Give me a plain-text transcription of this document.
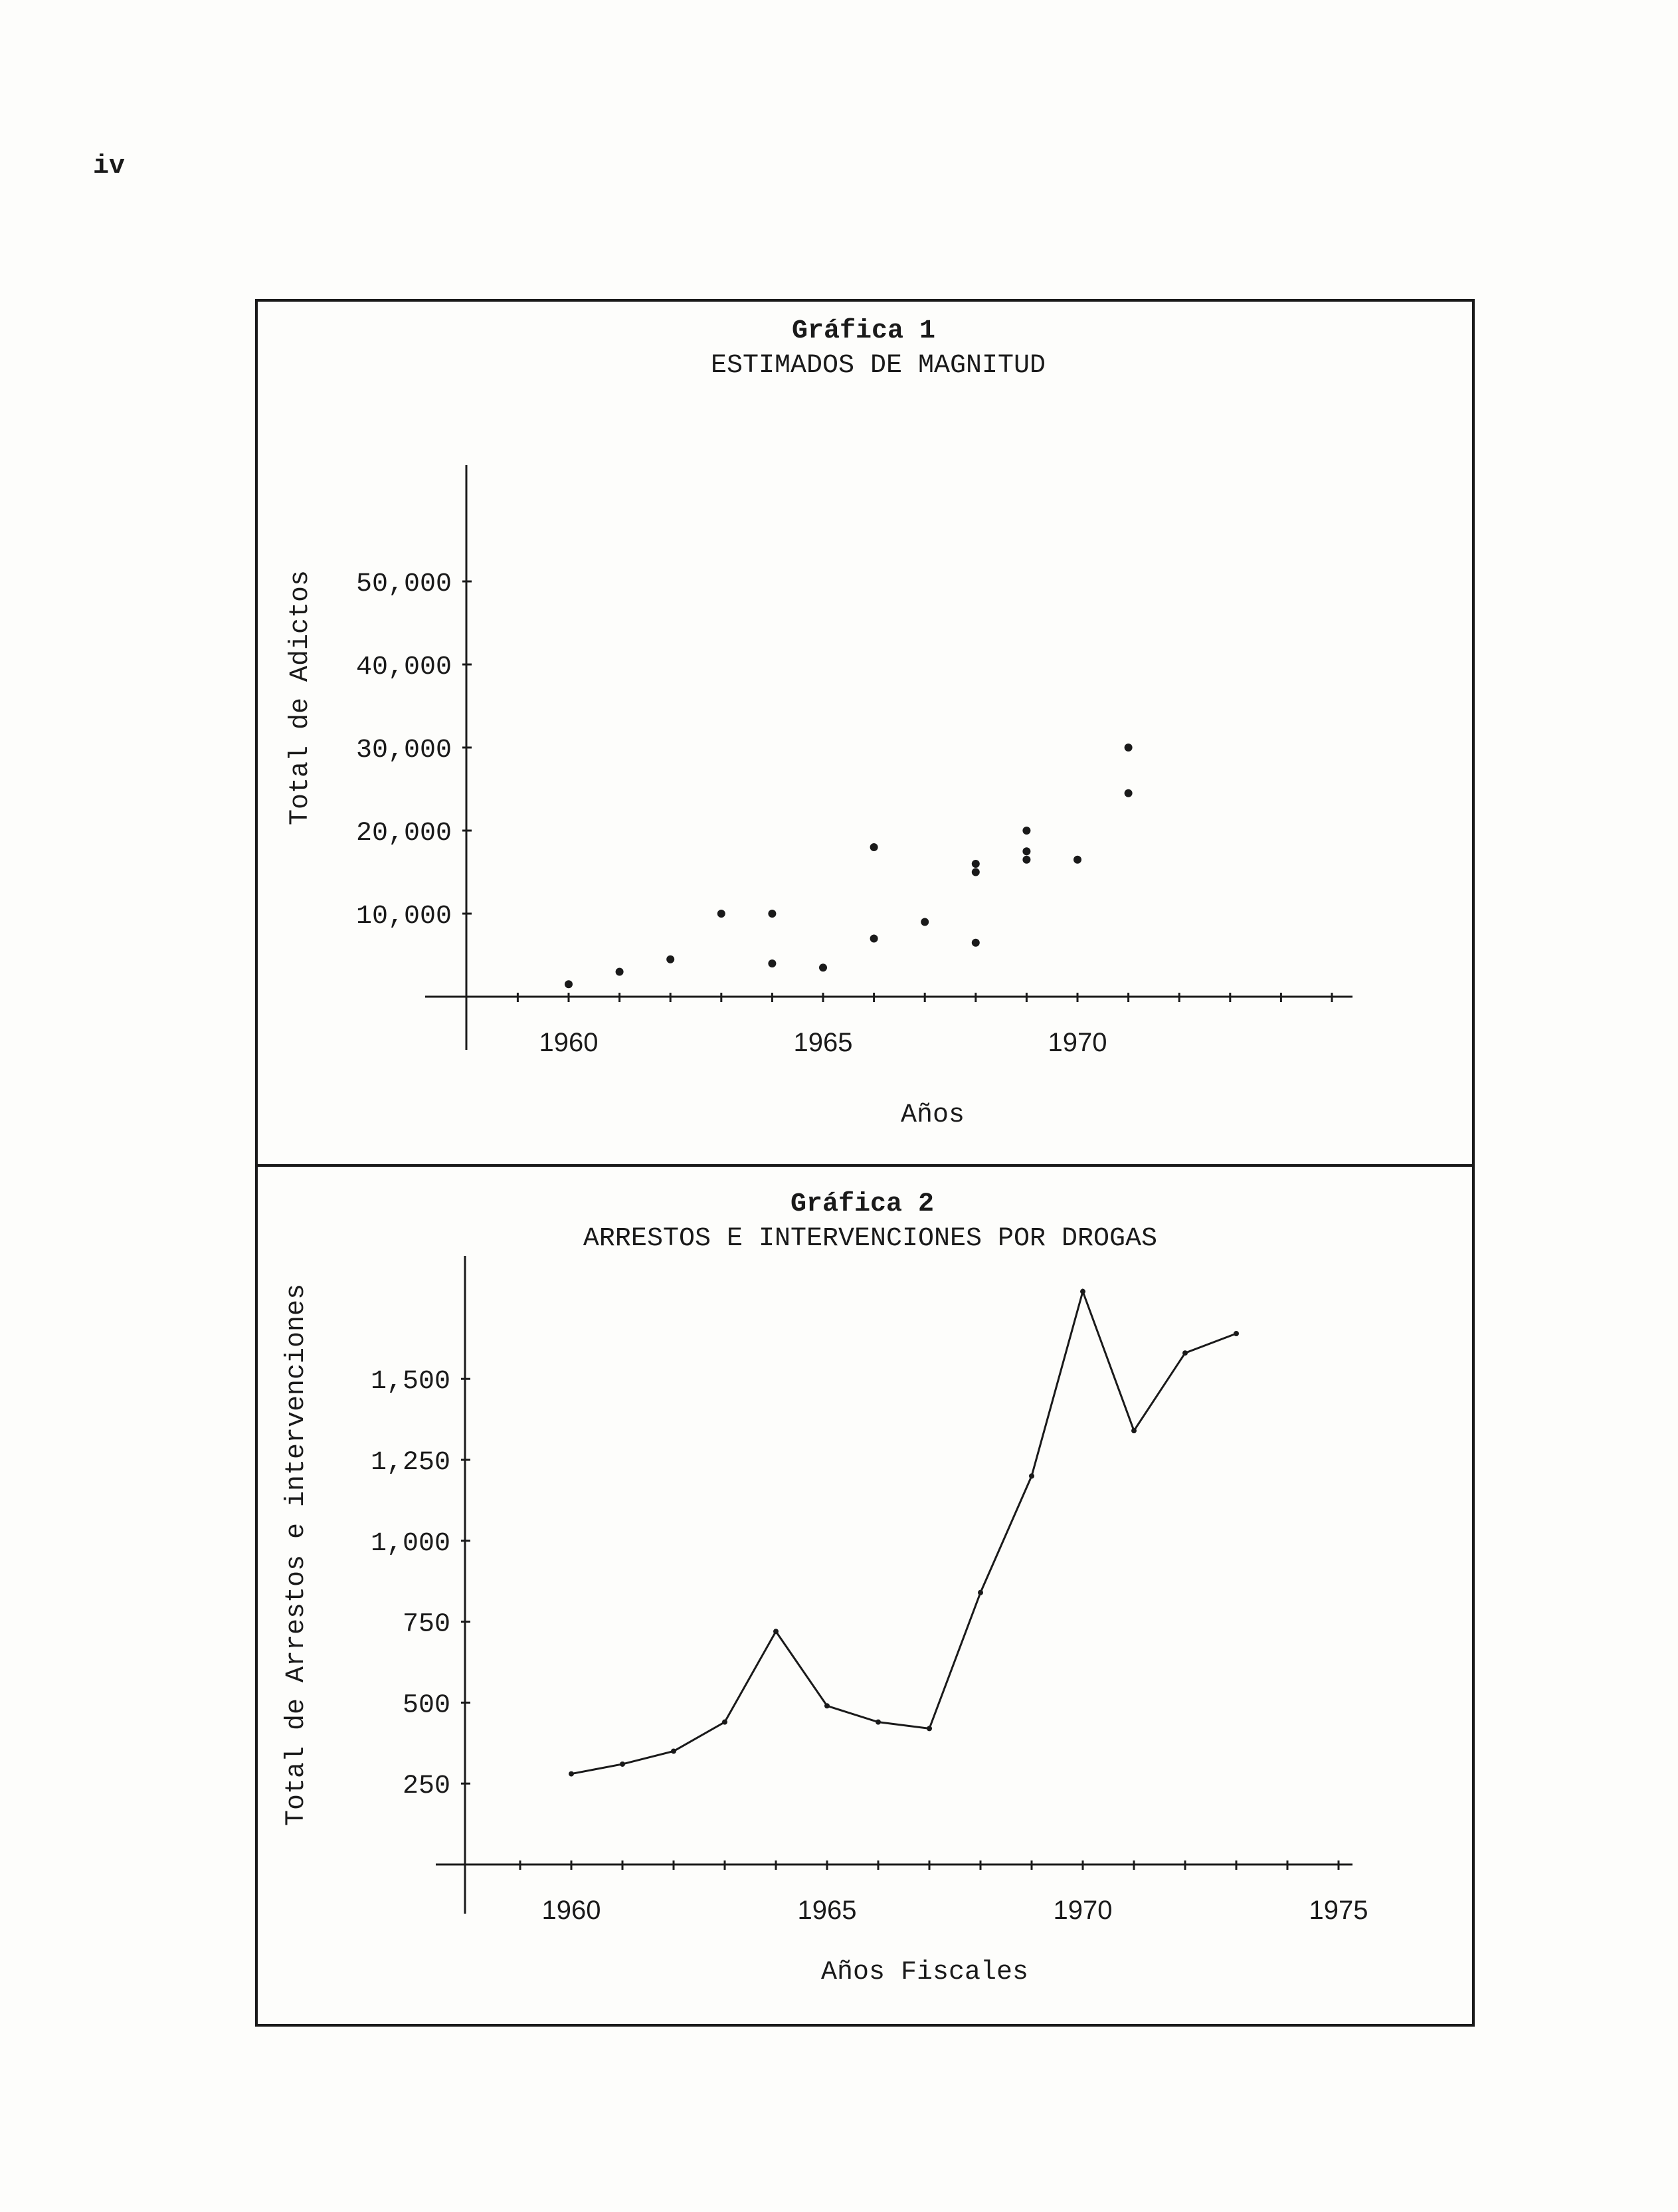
iv
Gráfica 1
ESTIMADOS DE MAGNITUD
Total de Adictos
Años
10,000
20,000
30,000
40,000
50,000
1960	1965	1970
Gráfica 2
ARRESTOS E INTERVENCIONES POR DROGAS
Total de Arrestos e intervenciones
Años Fiscales
250
500
750
1,000
1,250
1,500
1960	1965	1970	1975
